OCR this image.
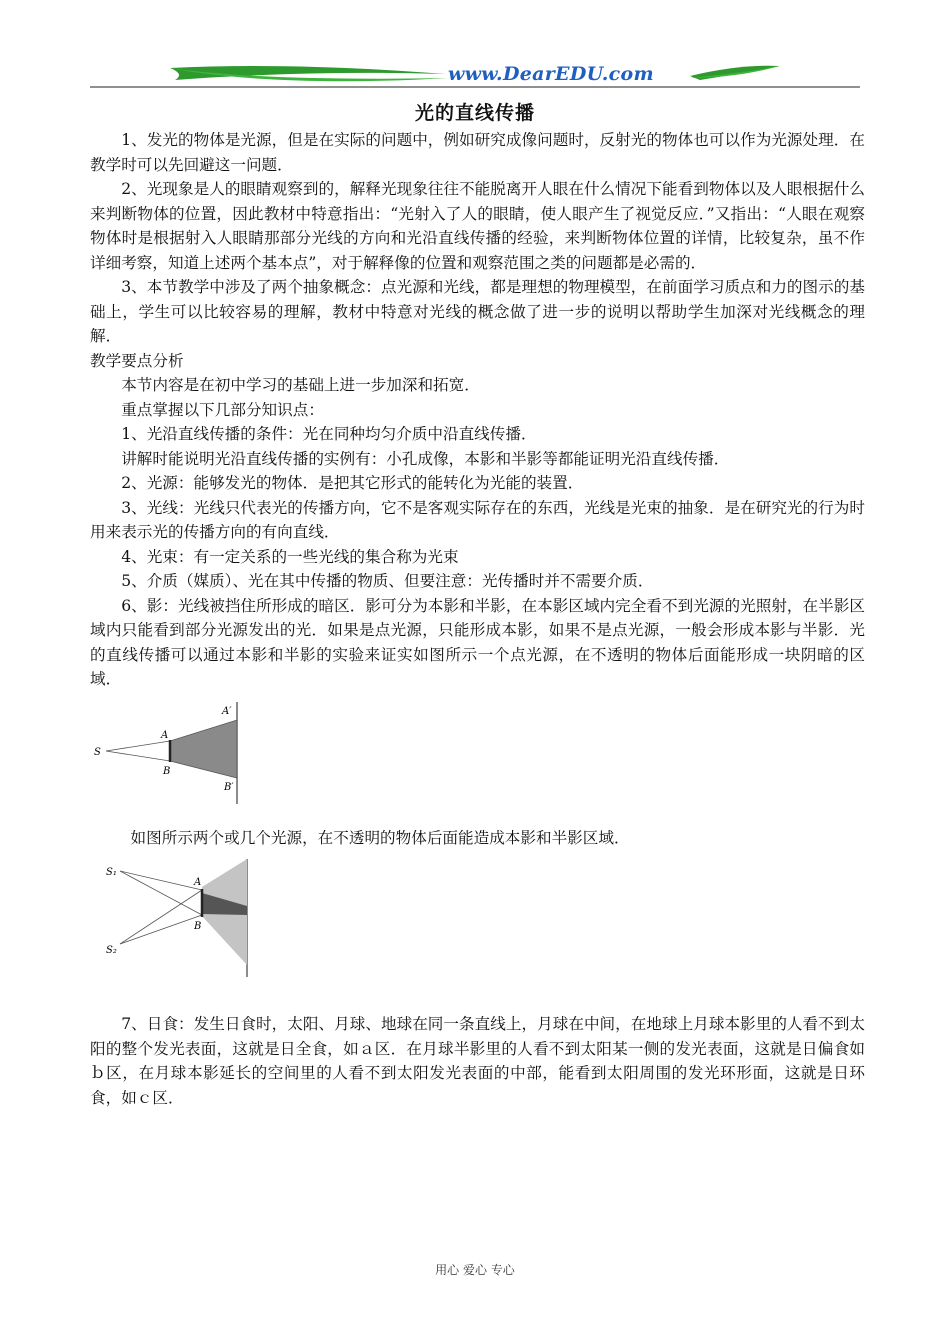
www.DearEDU.com
光的直线传播

1、发光的物体是光源，但是在实际的问题中，例如研究成像问题时，反射光的物体也可以作为光源处理．在教学时可以先回避这一问题．

2、光现象是人的眼睛观察到的，解释光现象往往不能脱离开人眼在什么情况下能看到物体以及人眼根据什么来判断物体的位置，因此教材中特意指出：“光射入了人的眼睛，使人眼产生了视觉反应．”又指出：“人眼在观察物体时是根据射入人眼睛那部分光线的方向和光沿直线传播的经验，来判断物体位置的详情，比较复杂，虽不作详细考察，知道上述两个基本点”，对于解释像的位置和观察范围之类的问题都是必需的．

3、本节教学中涉及了两个抽象概念：点光源和光线，都是理想的物理模型，在前面学习质点和力的图示的基础上，学生可以比较容易的理解，教材中特意对光线的概念做了进一步的说明以帮助学生加深对光线概念的理解．

教学要点分析

本节内容是在初中学习的基础上进一步加深和拓宽．

重点掌握以下几部分知识点：

1、光沿直线传播的条件：光在同种均匀介质中沿直线传播．

讲解时能说明光沿直线传播的实例有：小孔成像，本影和半影等都能证明光沿直线传播．

2、光源：能够发光的物体．是把其它形式的能转化为光能的装置．

3、光线：光线只代表光的传播方向，它不是客观实际存在的东西，光线是光束的抽象．是在研究光的行为时用来表示光的传播方向的有向直线．

4、光束：有一定关系的一些光线的集合称为光束

5、介质（媒质）、光在其中传播的物质、但要注意：光传播时并不需要介质．

6、影：光线被挡住所形成的暗区．影可分为本影和半影，在本影区域内完全看不到光源的光照射，在半影区域内只能看到部分光源发出的光．如果是点光源，只能形成本影，如果不是点光源，一般会形成本影与半影．光的直线传播可以通过本影和半影的实验来证实如图所示一个点光源，在不透明的物体后面能形成一块阴暗的区域．

S
A
B
A′
B′

如图所示两个或几个光源，在不透明的物体后面能造成本影和半影区域．

S₁
S₂
A
B

7、日食：发生日食时，太阳、月球、地球在同一条直线上，月球在中间，在地球上月球本影里的人看不到太阳的整个发光表面，这就是日全食，如ａ区．在月球半影里的人看不到太阳某一侧的发光表面，这就是日偏食如ｂ区，在月球本影延长的空间里的人看不到太阳发光表面的中部，能看到太阳周围的发光环形面，这就是日环食，如ｃ区．

用心 爱心 专心
